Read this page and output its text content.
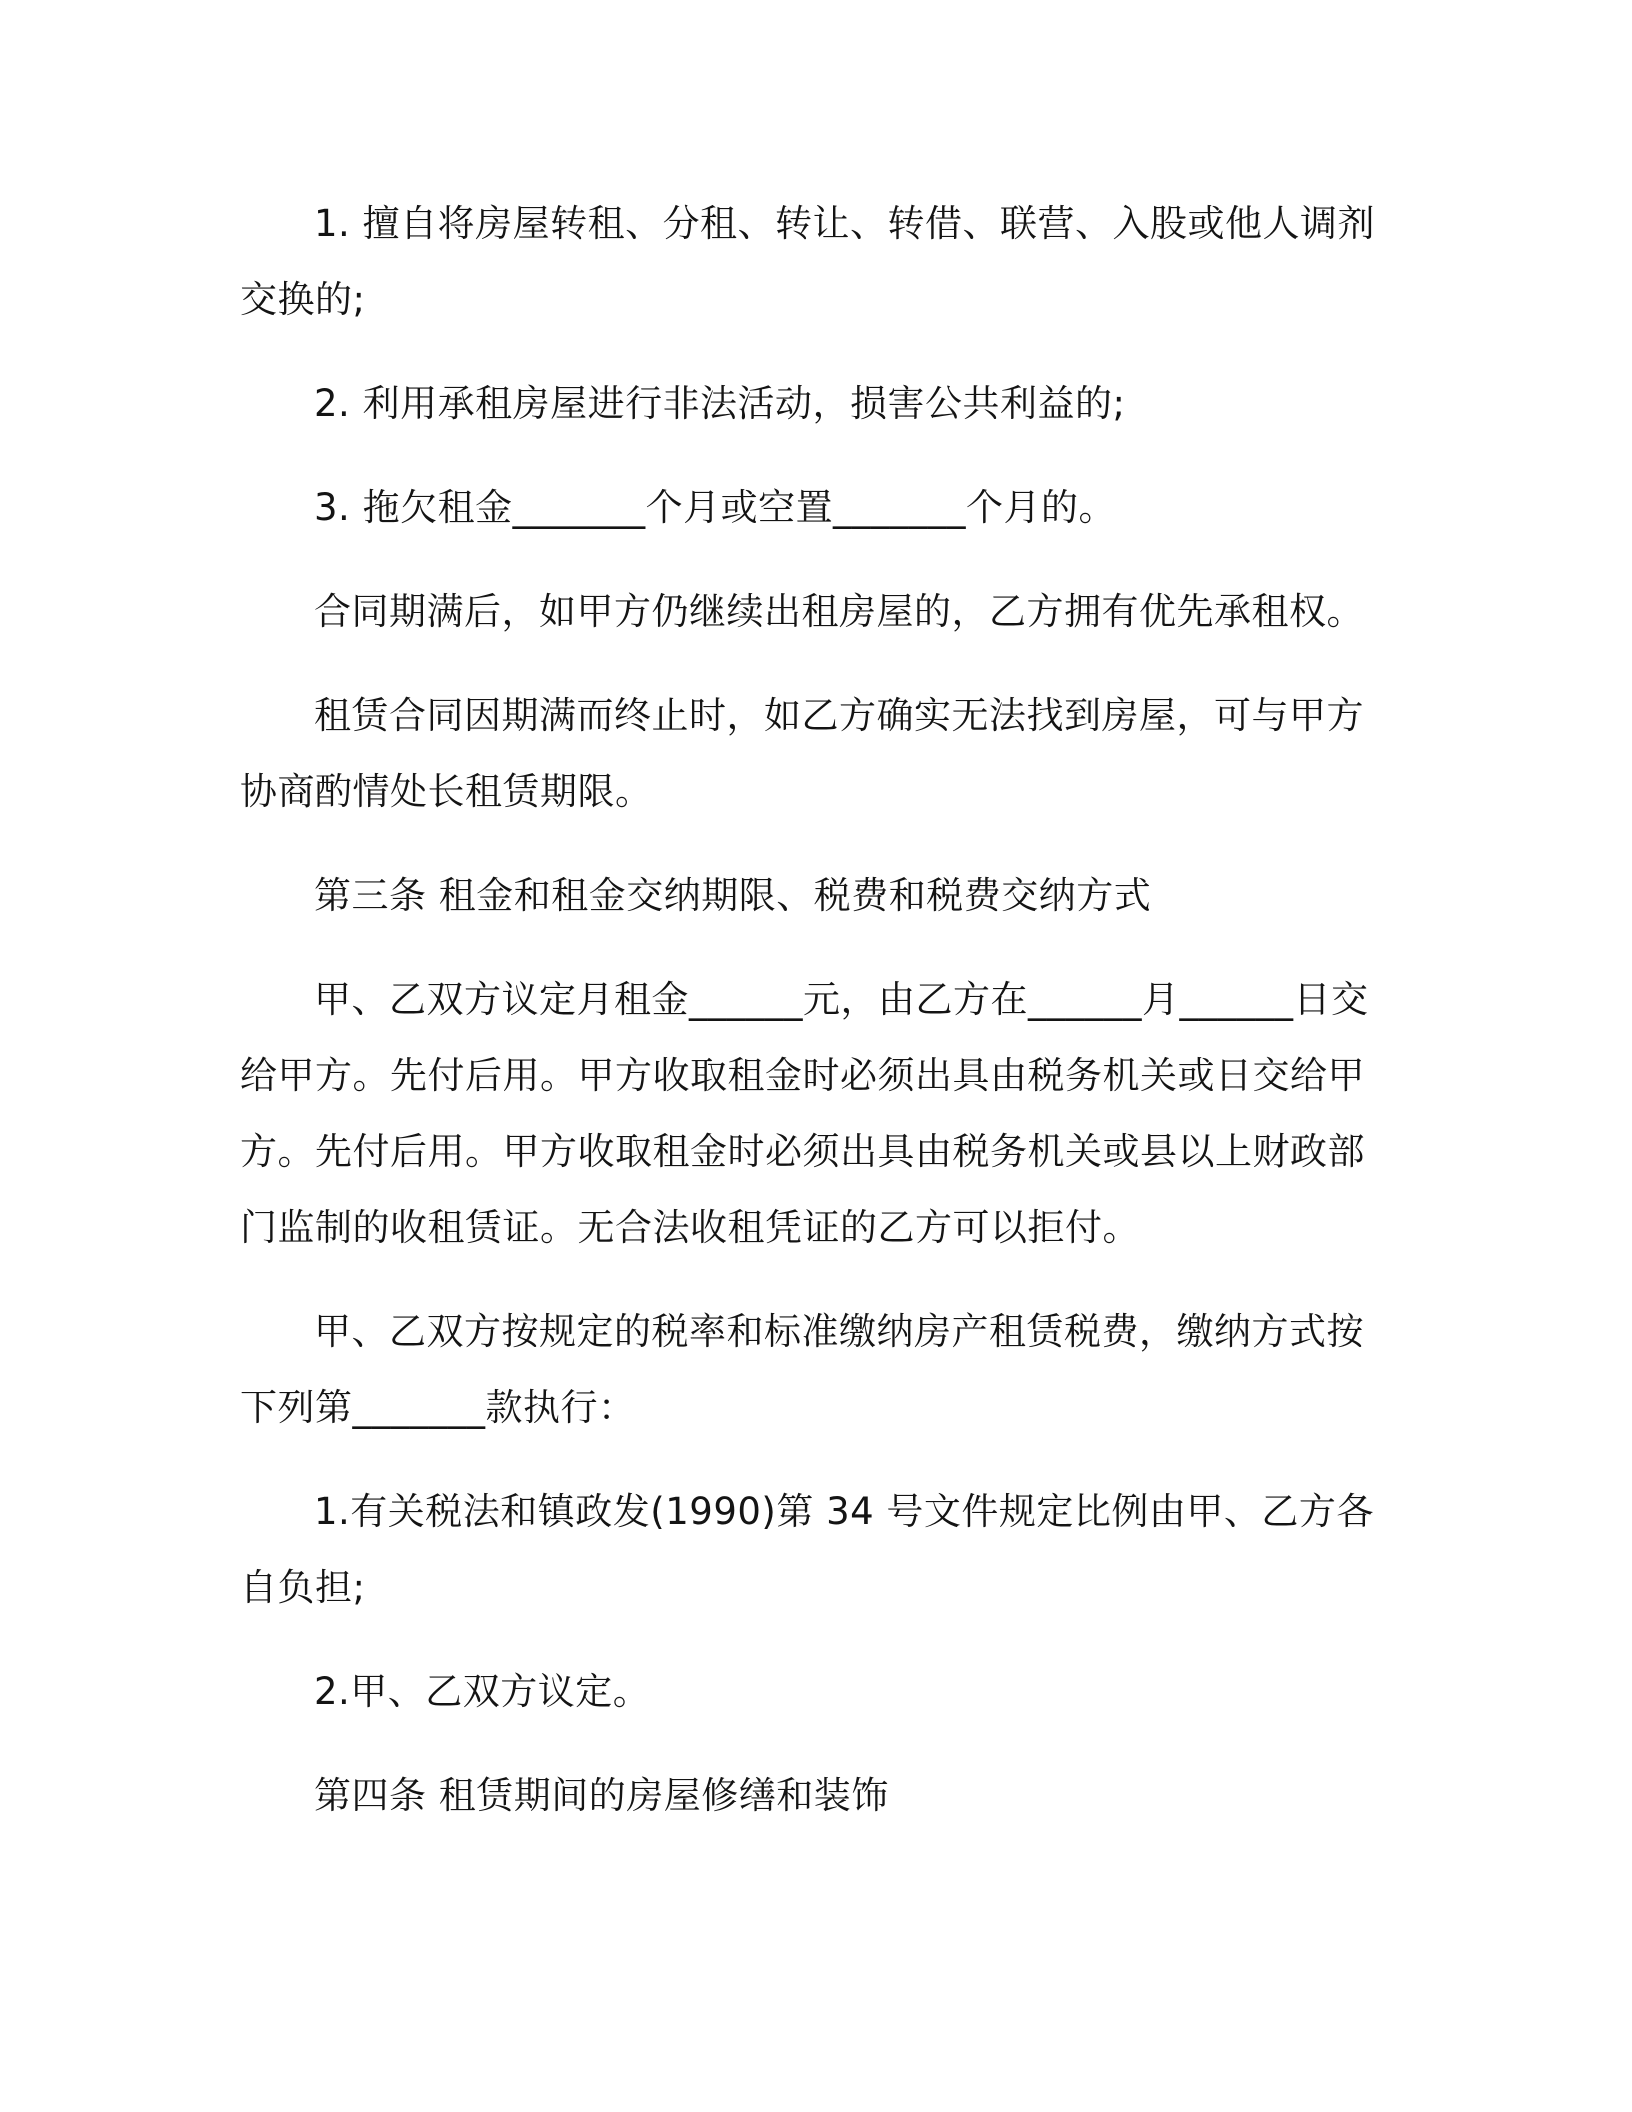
1. 擅自将房屋转租、分租、转让、转借、联营、入股或他人调剂交换的;

2. 利用承租房屋进行非法活动，损害公共利益的;

3. 拖欠租金_______个月或空置_______个月的。

合同期满后，如甲方仍继续出租房屋的，乙方拥有优先承租权。

租赁合同因期满而终止时，如乙方确实无法找到房屋，可与甲方协商酌情处长租赁期限。

第三条 租金和租金交纳期限、税费和税费交纳方式

甲、乙双方议定月租金______元，由乙方在______月______日交给甲方。先付后用。甲方收取租金时必须出具由税务机关或日交给甲方。先付后用。甲方收取租金时必须出具由税务机关或县以上财政部门监制的收租赁证。无合法收租凭证的乙方可以拒付。

甲、乙双方按规定的税率和标准缴纳房产租赁税费，缴纳方式按下列第_______款执行：

1.有关税法和镇政发(1990)第 34 号文件规定比例由甲、乙方各自负担;

2.甲、乙双方议定。

第四条 租赁期间的房屋修缮和装饰
